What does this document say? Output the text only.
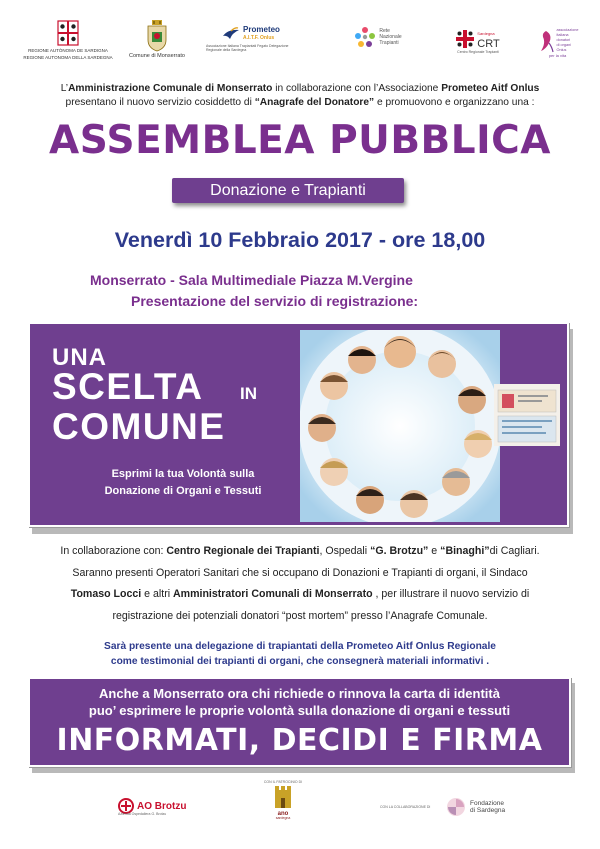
REGIONE AUTÒNOMA DE SARDIGNA
REGIONE AUTONOMA DELLA SARDEGNA	Comune di Monserrato
Prometeo
A.I.T.F. Onlus
Associazione Italiana Trapiantati Fegato Delegazione Regionale della Sardegna
Rete
Nazionale
Trapianti
Sardegna
CRT
Centro Regionale Trapianti
associazione
italiana
donatori
di organi
Onlus
per la vita
L’Amministrazione Comunale di Monserrato in collaborazione con l’Associazione Prometeo Aitf Onlus
presentano il nuovo servizio cosiddetto di “Anagrafe del Donatore” e promuovono e organizzano una :
ASSEMBLEA PUBBLICA
Donazione e Trapianti
Venerdì 10 Febbraio 2017 - ore 18,00
Monserrato - Sala Multimediale Piazza M.Vergine
Presentazione del servizio di registrazione:
UNA
SCELTA IN
COMUNE
Esprimi la tua Volontà sulla
Donazione di Organi e Tessuti
In collaborazione con: Centro Regionale dei Trapianti, Ospedali “G. Brotzu” e “Binaghi”di Cagliari.
Saranno presenti Operatori Sanitari che si occupano di Donazioni e Trapianti di organi, il Sindaco
Tomaso Locci e altri Amministratori Comunali di Monserrato , per illustrare il nuovo servizio di
registrazione dei potenziali donatori “post mortem” presso l’Anagrafe Comunale.
Sarà presente una delegazione di trapiantati della Prometeo Aitf Onlus Regionale
come testimonial dei trapianti di organi, che consegnerà materiali informativi .
Anche a Monserrato ora chi richiede o rinnova la carta di identità
puo’ esprimere le proprie volontà sulla donazione di organi e tessuti
INFORMATI, DECIDI E FIRMA
AO Brotzu
Azienda Ospedaliera G. Brotzu
CON IL PATROCINIO DI
ano
sardegna
CON LA COLLABORAZIONE DI
Fondazione
di Sardegna
